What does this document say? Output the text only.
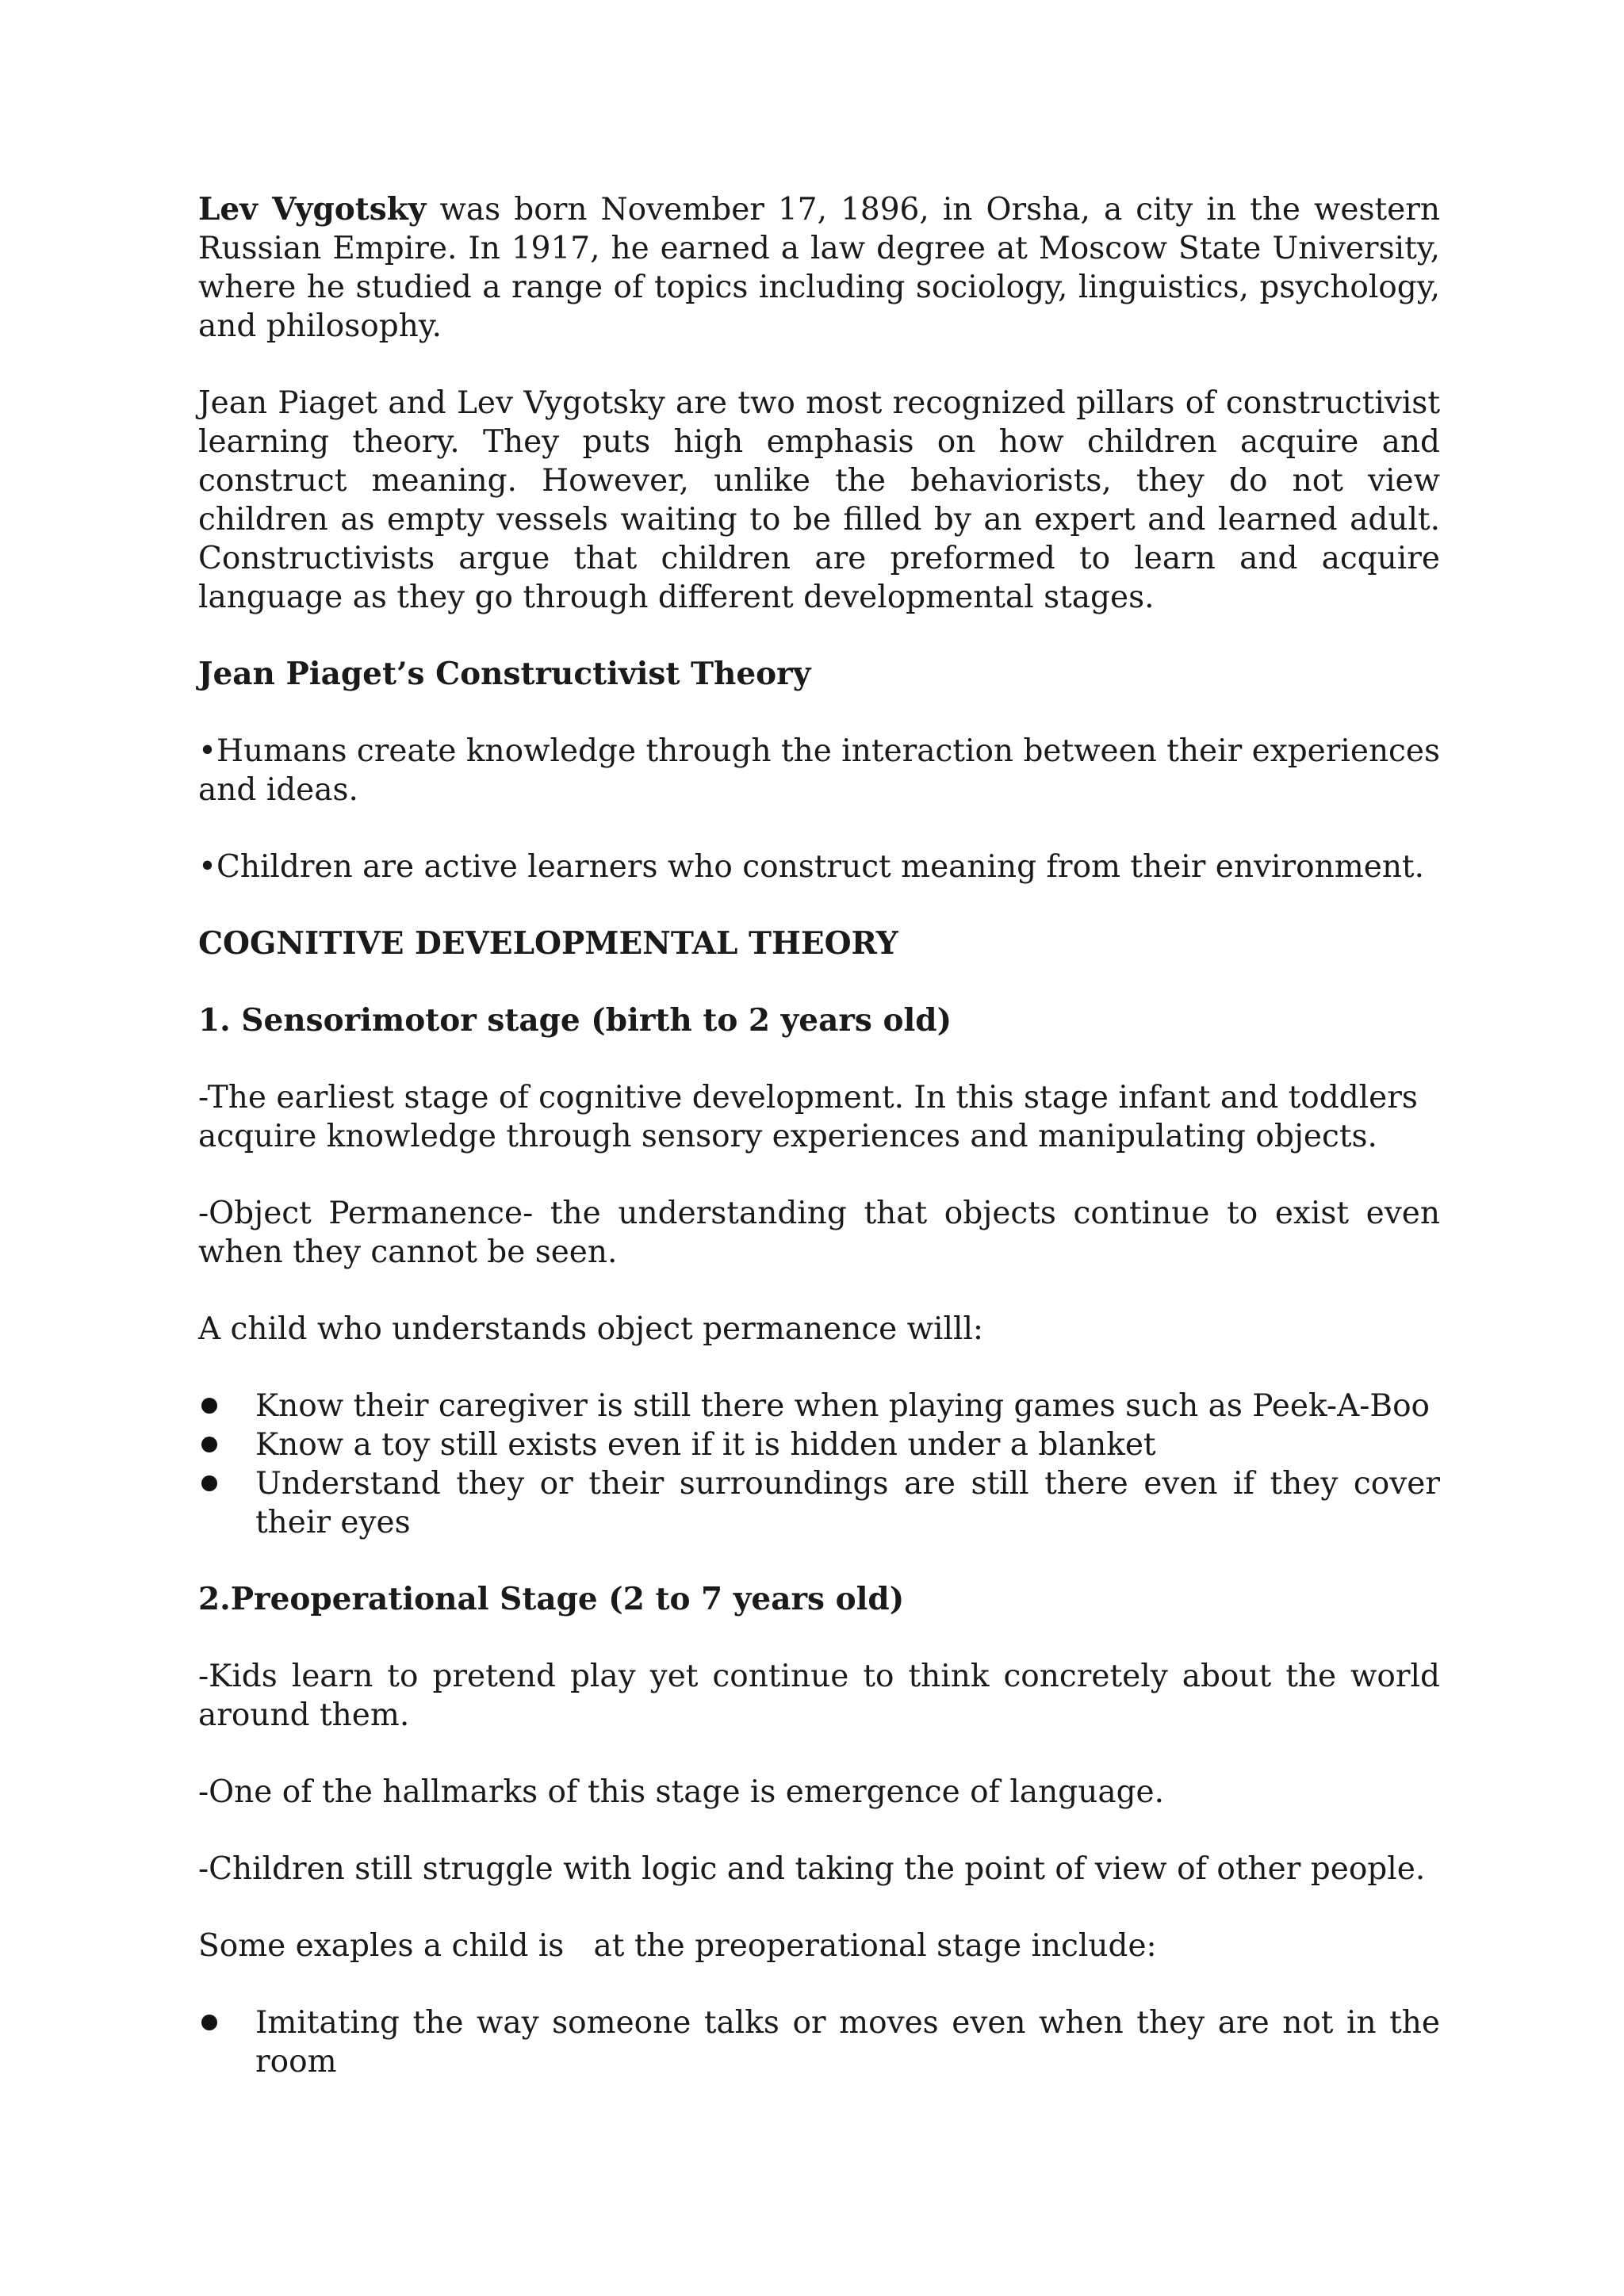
Lev Vygotsky was born November 17, 1896, in Orsha, a city in the western Russian Empire. In 1917, he earned a law degree at Moscow State University, where he studied a range of topics including sociology, linguistics, psychology, and philosophy.

Jean Piaget and Lev Vygotsky are two most recognized pillars of constructivist learning theory. They puts high emphasis on how children acquire and construct meaning. However, unlike the behaviorists, they do not view children as empty vessels waiting to be filled by an expert and learned adult. Constructivists argue that children are preformed to learn and acquire language as they go through different developmental stages.

Jean Piaget’s Constructivist Theory

•Humans create knowledge through the interaction between their experiences and ideas.

•Children are active learners who construct meaning from their environment.

COGNITIVE DEVELOPMENTAL THEORY
1. Sensorimotor stage (birth to 2 years old)

-The earliest stage of cognitive development. In this stage infant and toddlers acquire knowledge through sensory experiences and manipulating objects.

-Object Permanence- the understanding that objects continue to exist even when they cannot be seen.

A child who understands object permanence willl:

Know their caregiver is still there when playing games such as Peek-A-Boo
Know a toy still exists even if it is hidden under a blanket
Understand they or their surroundings are still there even if they cover their eyes
2.Preoperational Stage (2 to 7 years old)

-Kids learn to pretend play yet continue to think concretely about the world around them.

-One of the hallmarks of this stage is emergence of language.

-Children still struggle with logic and taking the point of view of other people.

Some exaples a child is   at the preoperational stage include:

Imitating the way someone talks or moves even when they are not in the room
